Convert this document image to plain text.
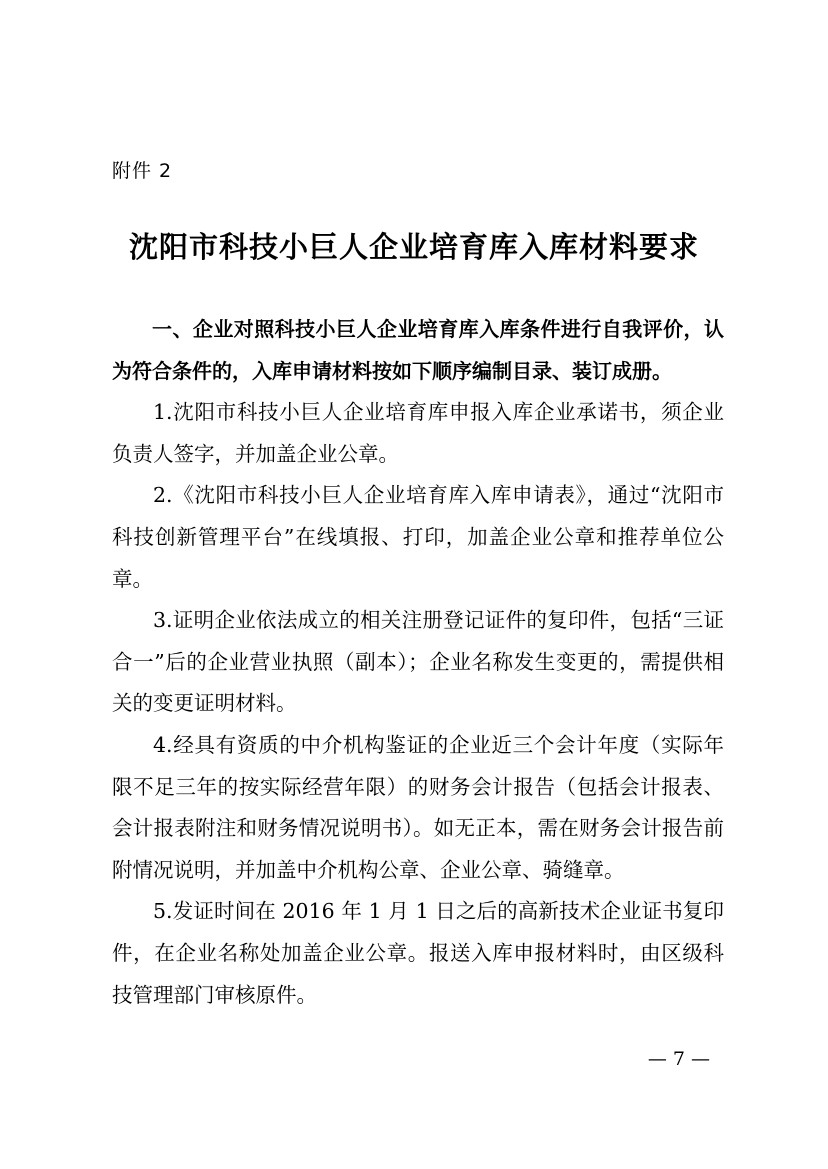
附件 2
沈阳市科技小巨人企业培育库入库材料要求

一、企业对照科技小巨人企业培育库入库条件进行自我评价，认为符合条件的，入库申请材料按如下顺序编制目录、装订成册。

1.沈阳市科技小巨人企业培育库申报入库企业承诺书，须企业负责人签字，并加盖企业公章。

2.《沈阳市科技小巨人企业培育库入库申请表》，通过“沈阳市科技创新管理平台”在线填报、打印，加盖企业公章和推荐单位公章。

3.证明企业依法成立的相关注册登记证件的复印件，包括“三证合一”后的企业营业执照（副本）；企业名称发生变更的，需提供相关的变更证明材料。

4.经具有资质的中介机构鉴证的企业近三个会计年度（实际年限不足三年的按实际经营年限）的财务会计报告（包括会计报表、会计报表附注和财务情况说明书）。如无正本，需在财务会计报告前附情况说明，并加盖中介机构公章、企业公章、骑缝章。

5.发证时间在 2016 年 1 月 1 日之后的高新技术企业证书复印件，在企业名称处加盖企业公章。报送入库申报材料时，由区级科技管理部门审核原件。

— 7 —
